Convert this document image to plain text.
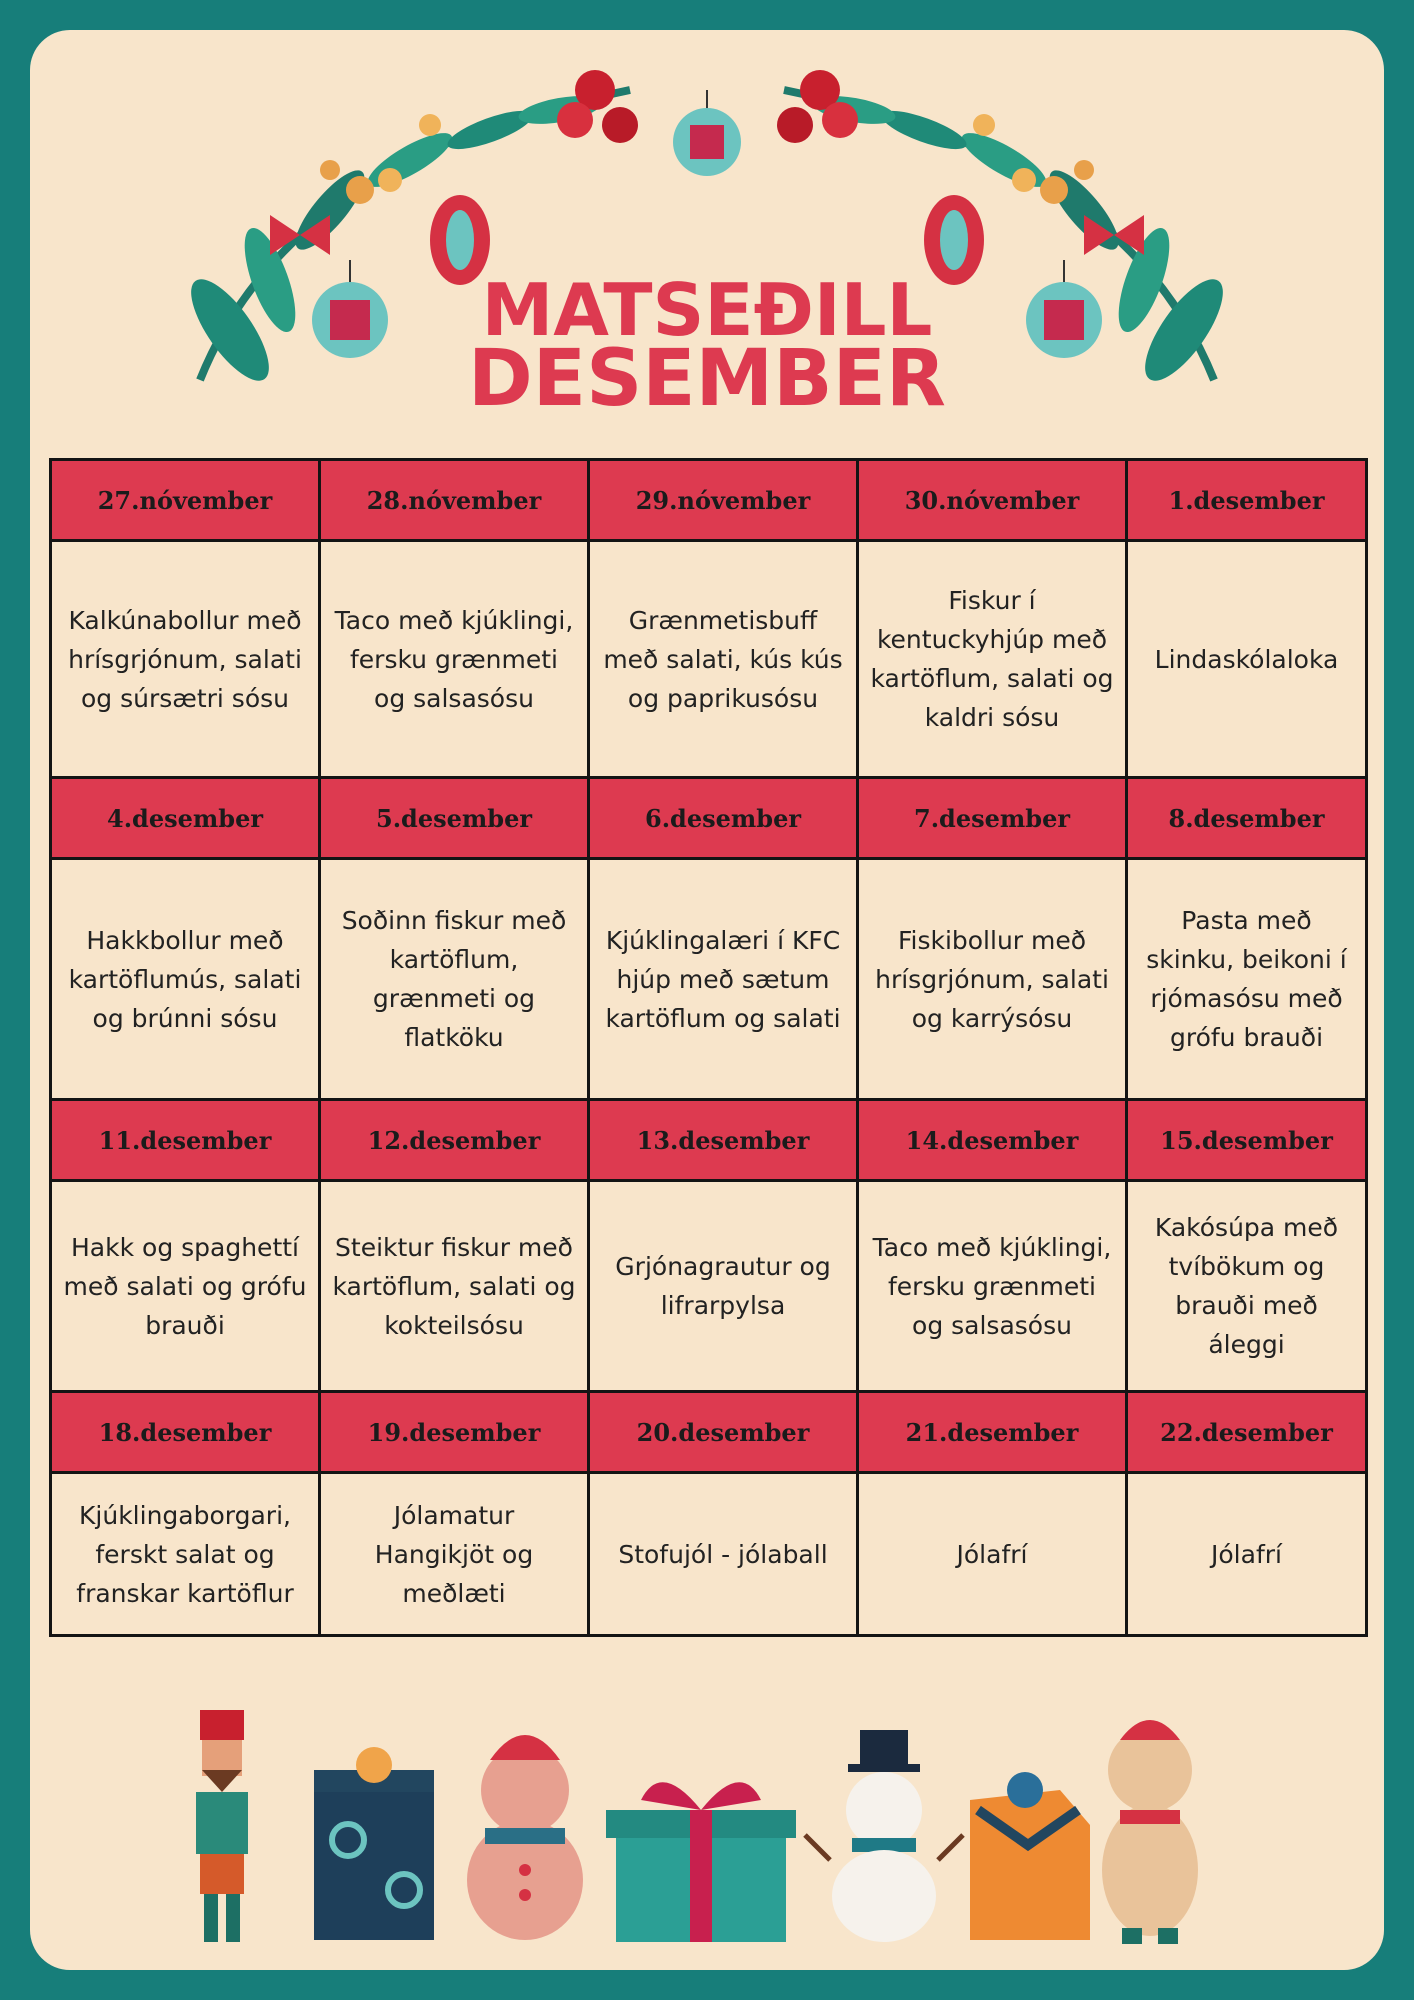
MATSEÐILL
DESEMBER
27.nóvember	28.nóvember	29.nóvember	30.nóvember	1.desember
Kalkúnabollur með hrísgrjónum, salati og súrsætri sósu	Taco með kjúklingi, fersku grænmeti og salsasósu	Grænmetisbuff með salati, kús kús og paprikusósu	Fiskur í kentuckyhjúp með kartöflum, salati og kaldri sósu	Lindaskólaloka
4.desember	5.desember	6.desember	7.desember	8.desember
Hakkbollur með kartöflumús, salati og brúnni sósu	Soðinn fiskur með kartöflum, grænmeti og flatköku	Kjúklingalæri í KFC hjúp með sætum kartöflum og salati	Fiskibollur með hrísgrjónum, salati og karrýsósu	Pasta með skinku, beikoni í rjómasósu með grófu brauði
11.desember	12.desember	13.desember	14.desember	15.desember
Hakk og spaghettí með salati og grófu brauði	Steiktur fiskur með kartöflum, salati og kokteilsósu	Grjónagrautur og lifrarpylsa	Taco með kjúklingi, fersku grænmeti og salsasósu	Kakósúpa með tvíbökum og brauði með áleggi
18.desember	19.desember	20.desember	21.desember	22.desember
Kjúklingaborgari, ferskt salat og franskar kartöflur	Jólamatur Hangikjöt og meðlæti	Stofujól - jólaball	Jólafrí	Jólafrí
